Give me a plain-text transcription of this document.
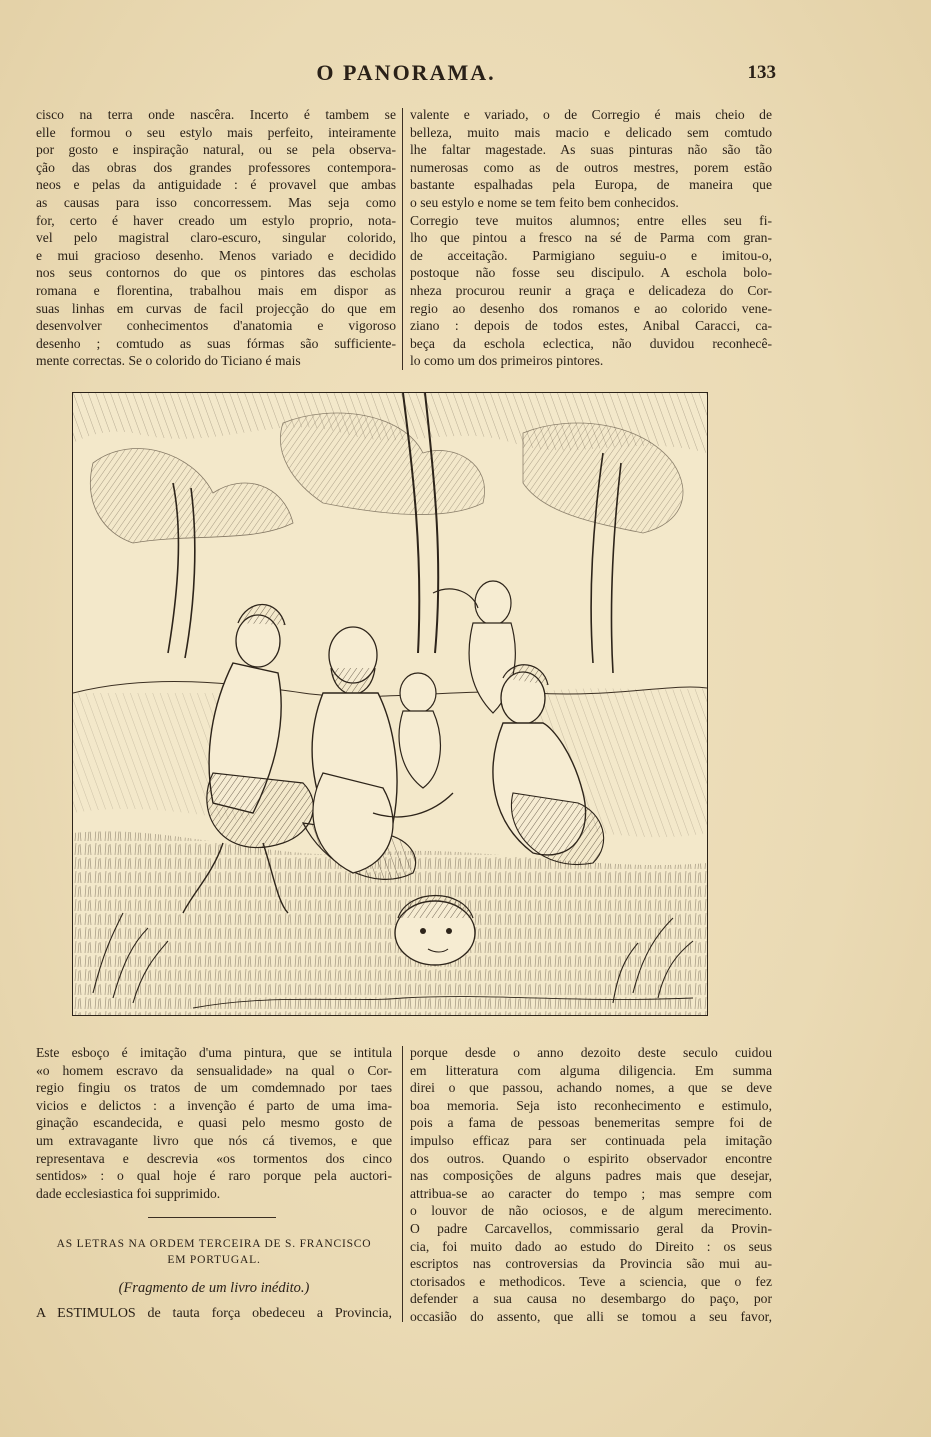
O PANORAMA.	133
cisco na terra onde nascêra. Incerto é tambem se
elle formou o seu estylo mais perfeito, inteiramente
por gosto e inspiração natural, ou se pela observa-
ção das obras dos grandes professores contempora-
neos e pelas da antiguidade : é provavel que ambas
as causas para isso concorressem. Mas seja como
for, certo é haver creado um estylo proprio, nota-
vel pelo magistral claro-escuro, singular colorido,
e mui gracioso desenho. Menos variado e decidido
nos seus contornos do que os pintores das escholas
romana e florentina, trabalhou mais em dispor as
suas linhas em curvas de facil projecção do que em
desenvolver conhecimentos d'anatomia e vigoroso
desenho ; comtudo as suas fórmas são sufficiente-
mente correctas. Se o colorido do Ticiano é mais
valente e variado, o de Corregio é mais cheio de
belleza, muito mais macio e delicado sem comtudo
lhe faltar magestade. As suas pinturas não são tão
numerosas como as de outros mestres, porem estão
bastante espalhadas pela Europa, de maneira que
o seu estylo e nome se tem feito bem conhecidos.
Corregio teve muitos alumnos; entre elles seu fi-
lho que pintou a fresco na sé de Parma com gran-
de acceitação. Parmigiano seguiu-o e imitou-o,
postoque não fosse seu discipulo. A eschola bolo-
nheza procurou reunir a graça e delicadeza do Cor-
regio ao desenho dos romanos e ao colorido vene-
ziano : depois de todos estes, Anibal Caracci, ca-
beça da eschola eclectica, não duvidou reconhecê-
lo como um dos primeiros pintores.
Este esboço é imitação d'uma pintura, que se intitula
«o homem escravo da sensualidade» na qual o Cor-
regio fingiu os tratos de um comdemnado por taes
vicios e delictos : a invenção é parto de uma ima-
ginação escandecida, e quasi pelo mesmo gosto de
um extravagante livro que nós cá tivemos, e que
representava e descrevia «os tormentos dos cinco
sentidos» : o qual hoje é raro porque pela auctori-
dade ecclesiastica foi supprimido.
AS LETRAS NA ORDEM TERCEIRA DE S. FRANCISCO
EM PORTUGAL.
(Fragmento de um livro inédito.)
A ESTIMULOS de tauta força obedeceu a Provincia,
porque desde o anno dezoito deste seculo cuidou
em litteratura com alguma diligencia. Em summa
direi o que passou, achando nomes, a que se deve
boa memoria. Seja isto reconhecimento e estimulo,
pois a fama de pessoas benemeritas sempre foi de
impulso efficaz para ser continuada pela imitação
dos outros. Quando o espirito observador encontre
nas composições de alguns padres mais que desejar,
attribua-se ao caracter do tempo ; mas sempre com
o louvor de não ociosos, e de algum merecimento.
O padre Carcavellos, commissario geral da Provin-
cia, foi muito dado ao estudo do Direito : os seus
escriptos nas controversias da Provincia são mui au-
ctorisados e methodicos. Teve a sciencia, que o fez
defender a sua causa no desembargo do paço, por
occasião do assento, que alli se tomou a seu favor,
